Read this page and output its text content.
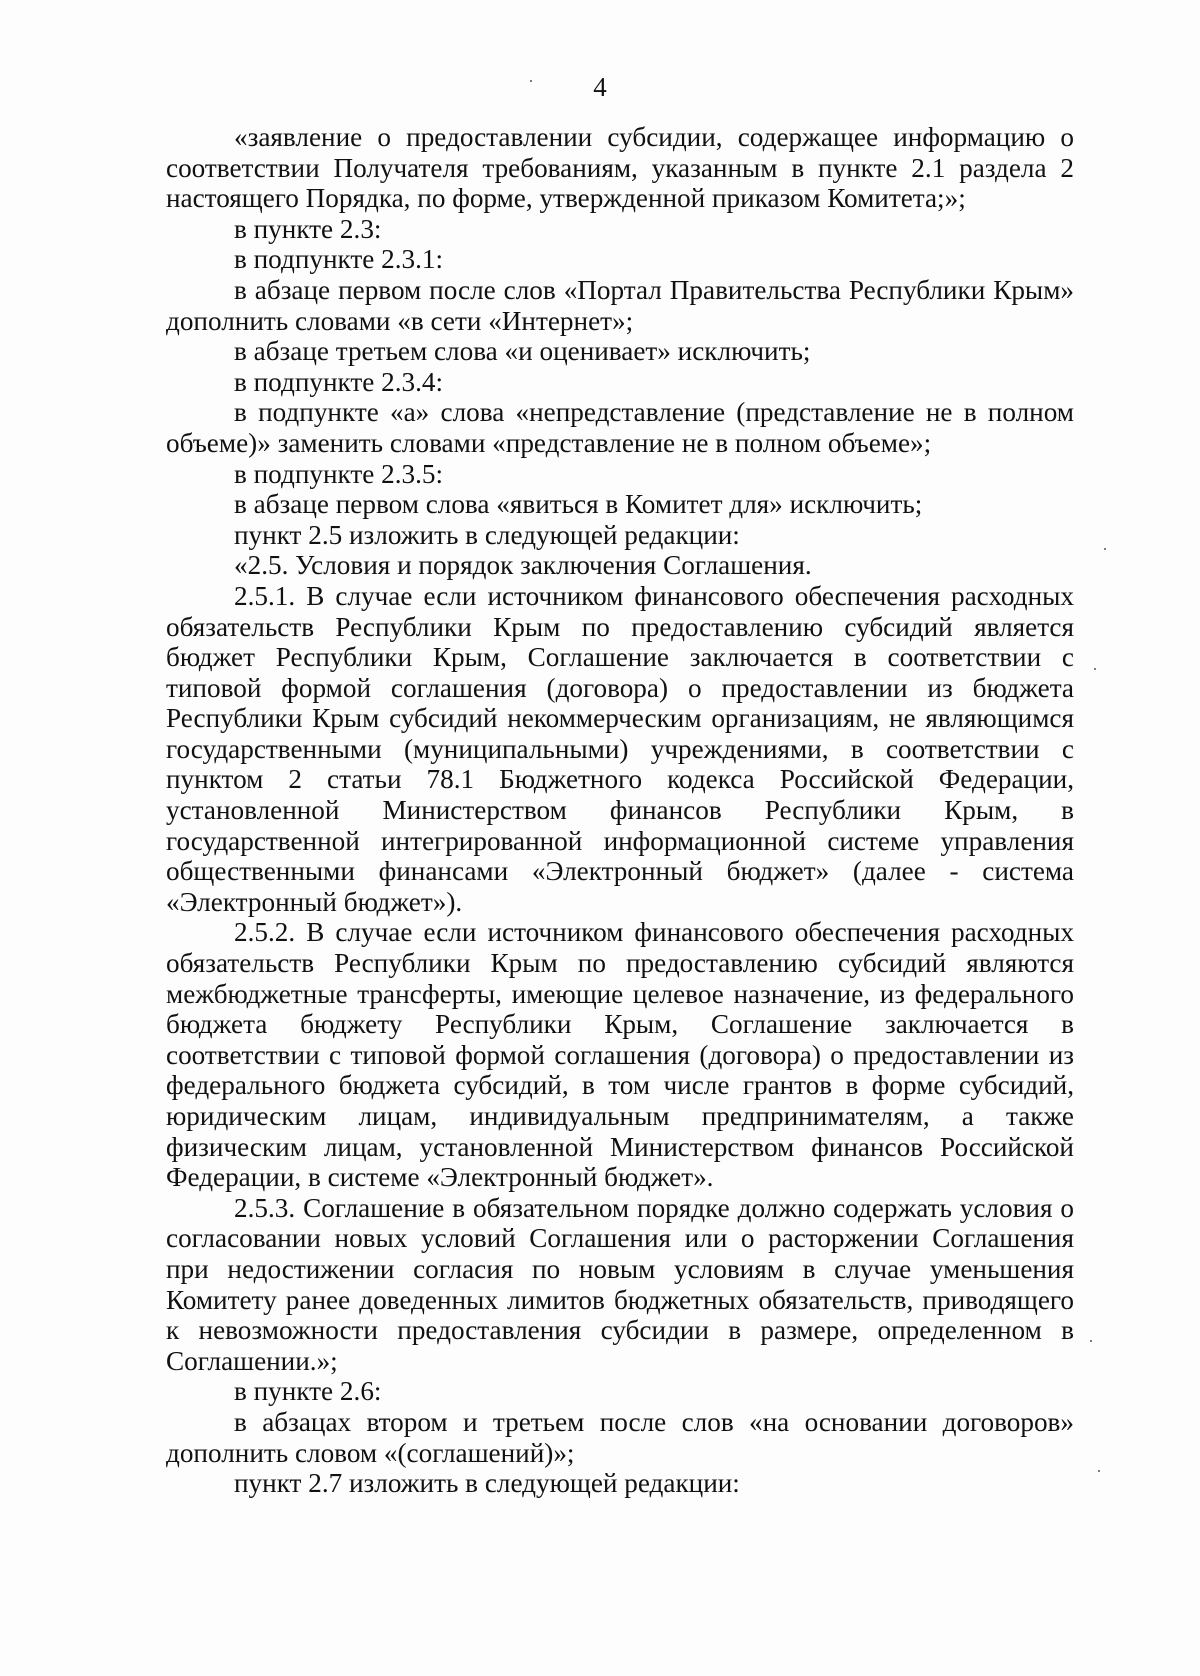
4

«заявление о предоставлении субсидии, содержащее информацию о соответствии Получателя требованиям, указанным в пункте 2.1 раздела 2 настоящего Порядка, по форме, утвержденной приказом Комитета;»;

в пункте 2.3:

в подпункте 2.3.1:

в абзаце первом после слов «Портал Правительства Республики Крым» дополнить словами «в сети «Интернет»;

в абзаце третьем слова «и оценивает» исключить;

в подпункте 2.3.4:

в подпункте «а» слова «непредставление (представление не в полном объеме)» заменить словами «представление не в полном объеме»;

в подпункте 2.3.5:

в абзаце первом слова «явиться в Комитет для» исключить;

пункт 2.5 изложить в следующей редакции:

«2.5. Условия и порядок заключения Соглашения.

2.5.1. В случае если источником финансового обеспечения расходных обязательств Республики Крым по предоставлению субсидий является бюджет Республики Крым, Соглашение заключается в соответствии с типовой формой соглашения (договора) о предоставлении из бюджета Республики Крым субсидий некоммерческим организациям, не являющимся государственными (муниципальными) учреждениями, в соответствии с пунктом 2 статьи 78.1 Бюджетного кодекса Российской Федерации, установленной Министерством финансов Республики Крым, в государственной интегрированной информационной системе управления общественными финансами «Электронный бюджет» (далее - система «Электронный бюджет»).

2.5.2. В случае если источником финансового обеспечения расходных обязательств Республики Крым по предоставлению субсидий являются межбюджетные трансферты, имеющие целевое назначение, из федерального бюджета бюджету Республики Крым, Соглашение заключается в соответствии с типовой формой соглашения (договора) о предоставлении из федерального бюджета субсидий, в том числе грантов в форме субсидий, юридическим лицам, индивидуальным предпринимателям, а также физическим лицам, установленной Министерством финансов Российской Федерации, в системе «Электронный бюджет».

2.5.3. Соглашение в обязательном порядке должно содержать условия о согласовании новых условий Соглашения или о расторжении Соглашения при недостижении согласия по новым условиям в случае уменьшения Комитету ранее доведенных лимитов бюджетных обязательств, приводящего к невозможности предоставления субсидии в размере, определенном в Соглашении.»;

в пункте 2.6:

в абзацах втором и третьем после слов «на основании договоров» дополнить словом «(соглашений)»;

пункт 2.7 изложить в следующей редакции:
